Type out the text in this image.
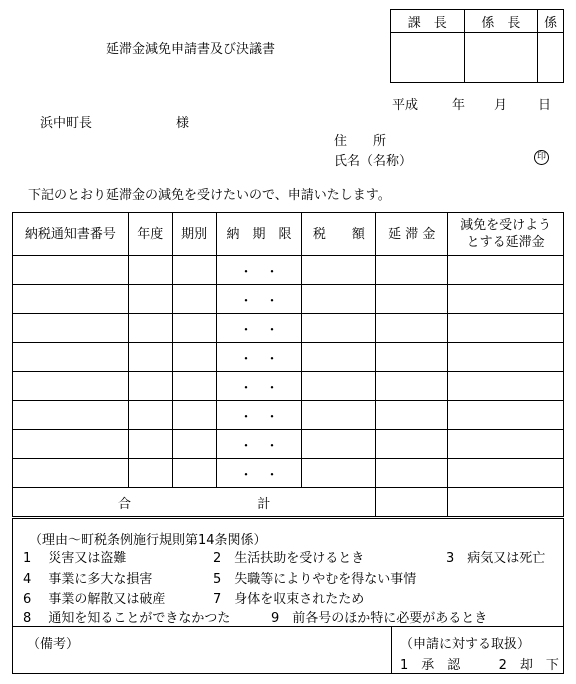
課　長	係　長	係

延滞金減免申請書及び決議書
平成	年 月 日
浜中町長	様
住　　所
氏名（名称）	印
下記のとおり延滞金の減免を受けたいので、申請いたします。
納税通知書番号	年度	期別	納　期　限	税　　額	延 滞 金	減免を受けよう
とする延滞金

			・　・			
			・　・			
			・　・			
			・　・			
			・　・			
			・　・			
			・　・			
			・　・			
合 計						
（理由～町税条例施行規則第14条関係）
1　 災害又は盗難	2　生活扶助を受けるとき	3　病気又は死亡
4　 事業に多大な損害	5　失職等によりやむを得ない事情
6　 事業の解散又は破産	7　身体を収束されたため
8　 通知を知ることができなかつた	9　前各号のほか特に必要があるとき
（備考）	（申請に対する取扱）
1　承　認	2　却　下
